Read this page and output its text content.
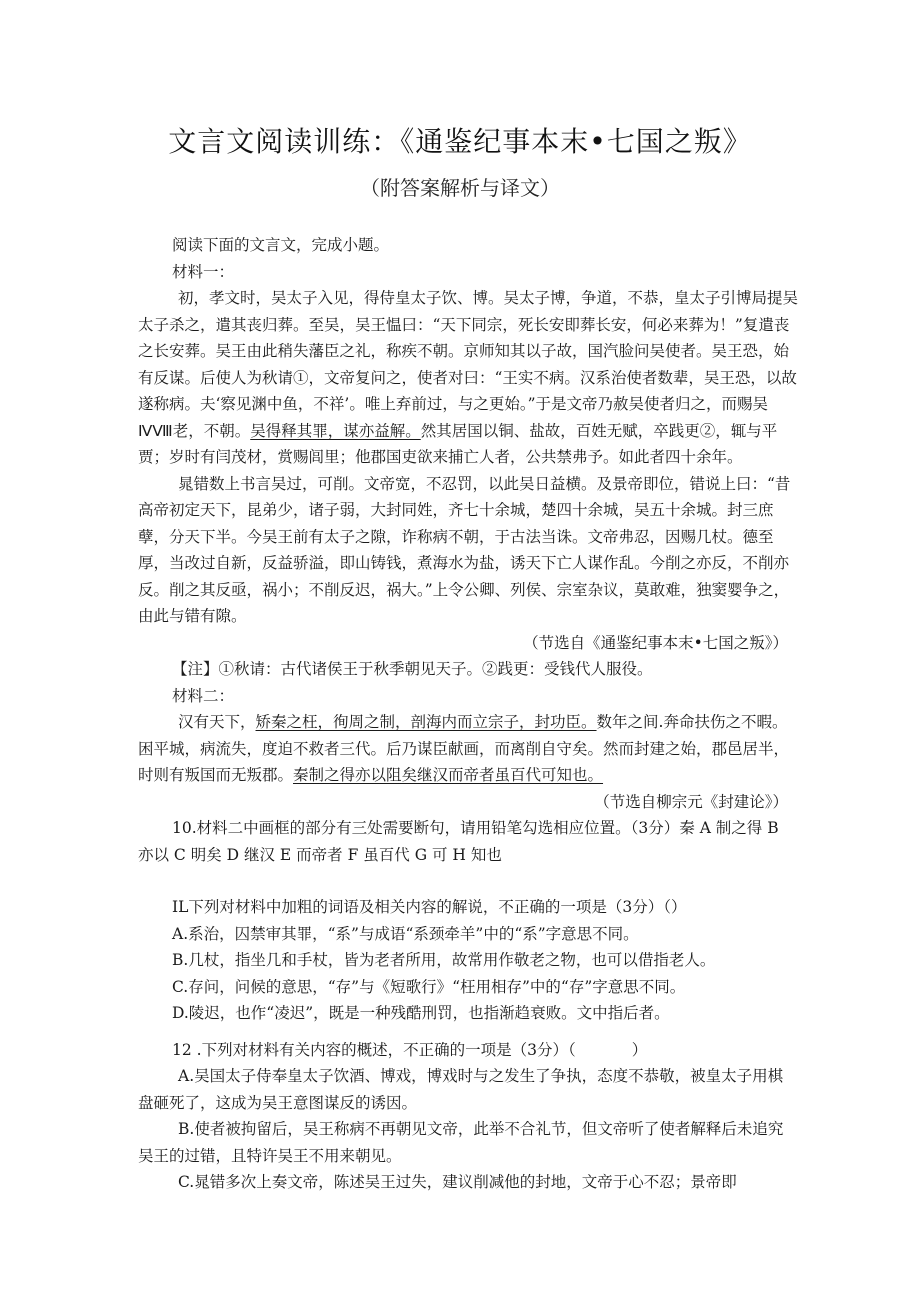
文言文阅读训练：《通鉴纪事本末•七国之叛》
（附答案解析与译文）

阅读下面的文言文，完成小题。

材料一：

初，孝文时，吴太子入见，得侍皇太子饮、博。吴太子博，争道，不恭，皇太子引博局提吴太子杀之，遣其丧归葬。至吴，吴王愠曰：“天下同宗，死长安即葬长安，何必来葬为！”复遣丧之长安葬。吴王由此稍失藩臣之礼，称疾不朝。京师知其以子故，国汽脸问吴使者。吴王恐，始有反谋。后使人为秋请①，文帝复问之，使者对曰：“王实不病。汉系治使者数辈，吴王恐，以故遂称病。夫‘察见渊中鱼，不祥’。唯上弃前过，与之更始。”于是文帝乃赦吴使者归之，而赐吴ⅣⅧ老，不朝。吴得释其罪，谋亦益解。然其居国以铜、盐故，百姓无赋，卒践更②，辄与平贾；岁时有闫茂材，赏赐闾里；他郡国吏欲来捕亡人者，公共禁弗予。如此者四十余年。

晁错数上书言吴过，可削。文帝宽，不忍罚，以此吴日益横。及景帝即位，错说上曰：“昔高帝初定天下，昆弟少，诸子弱，大封同姓，齐七十余城，楚四十余城，吴五十余城。封三庶孽，分天下半。今吴王前有太子之隙，诈称病不朝，于古法当诛。文帝弗忍，因赐几杖。德至厚，当改过自新，反益骄溢，即山铸钱，煮海水为盐，诱天下亡人谋作乱。今削之亦反，不削亦反。削之其反亟，祸小；不削反迟，祸大。”上令公卿、列侯、宗室杂议，莫敢难，独窦婴争之，由此与错有隙。

（节选自《通鉴纪事本末•七国之叛》）

【注】①秋请：古代诸侯王于秋季朝见天子。②践更：受钱代人服役。

材料二：

汉有天下，矫秦之枉，徇周之制，剖海内而立宗子，封功臣。数年之间.奔命扶伤之不暇。困平城，病流失，度迫不救者三代。后乃谋臣献画，而离削自守矣。然而封建之始，郡邑居半，时则有叛国而无叛郡。秦制之得亦以阻矣继汉而帝者虽百代可知也。

（节选自柳宗元《封建论》）

10.材料二中画框的部分有三处需要断句，请用铅笔勾选相应位置。（3分）秦 A 制之得 B 亦以 C 明矣 D 继汉 E 而帝者 F 虽百代 G 可 H 知也

IL下列对材料中加粗的词语及相关内容的解说，不正确的一项是（3分）（）

A.系治，囚禁审其罪，“系”与成语“系颈牵羊”中的“系”字意思不同。

B.几杖，指坐几和手杖，皆为老者所用，故常用作敬老之物，也可以借指老人。

C.存问，问候的意思，“存”与《短歌行》“枉用相存”中的“存”字意思不同。

D.陵迟，也作“凌迟”，既是一种残酷刑罚，也指渐趋衰败。文中指后者。

12 .下列对材料有关内容的概述，不正确的一项是（3分）（	）

A.吴国太子侍奉皇太子饮酒、博戏，博戏时与之发生了争执，态度不恭敬，被皇太子用棋盘砸死了，这成为吴王意图谋反的诱因。

B.使者被拘留后，吴王称病不再朝见文帝，此举不合礼节，但文帝听了使者解释后未追究吴王的过错，且特许吴王不用来朝见。

C.晁错多次上奏文帝，陈述吴王过失，建议削减他的封地，文帝于心不忍；景帝即
